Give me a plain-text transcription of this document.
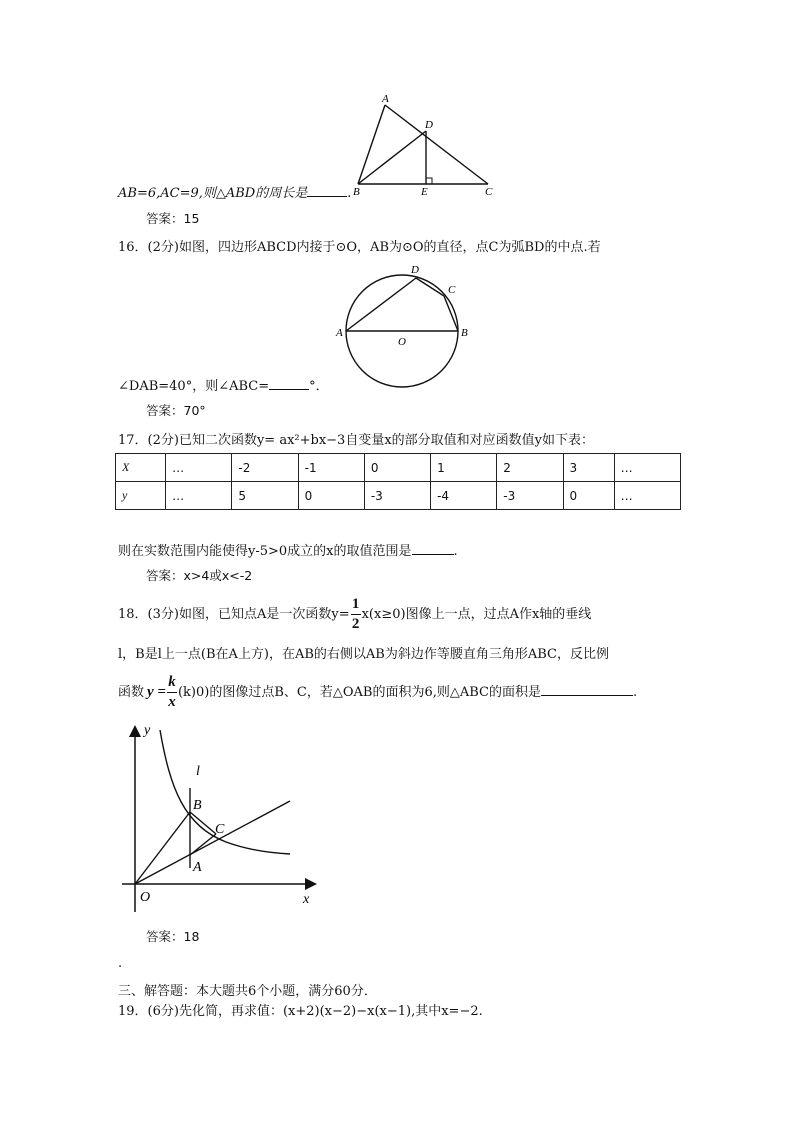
A
D
B	E	C
AB=6,AC=9,则△ABD的周长是	.
答案：15
16．(2分)如图，四边形ABCD内接于⊙O，AB为⊙O的直径，点C为弧BD的中点.若
D
C
A	B
O
∠DAB=40°，则∠ABC=	°．
答案：70°
17．(2分)已知二次函数y= ax²+bx−3自变量x的部分取值和对应函数值y如下表：
X	…	-2	-1	0	1	2	3	…
y	…	5	0	-3	-4	-3	0	…
则在实数范围内能使得y-5>0成立的x的取值范围是	.
答案：x>4或x<-2
18．(3分)如图，已知点A是一次函数$y= \frac{1}{2} x(x\ge 0)$图像上一点，过点A作x轴的垂线
l，B是l上一点(B在A上方)，在AB的右侧以AB为斜边作等腰直角三角形ABC，反比例
函数 $y = \frac{k}{x} (k)0$)的图像过点B、C，若△OAB的面积为6,则△ABC的面积是	.
y
l
B
C
A
O	x
答案：18
.
三、解答题：本大题共6个小题，满分60分．
19．(6分)先化简，再求值：(x+2)(x−2)−x(x−1),其中x=−2.
